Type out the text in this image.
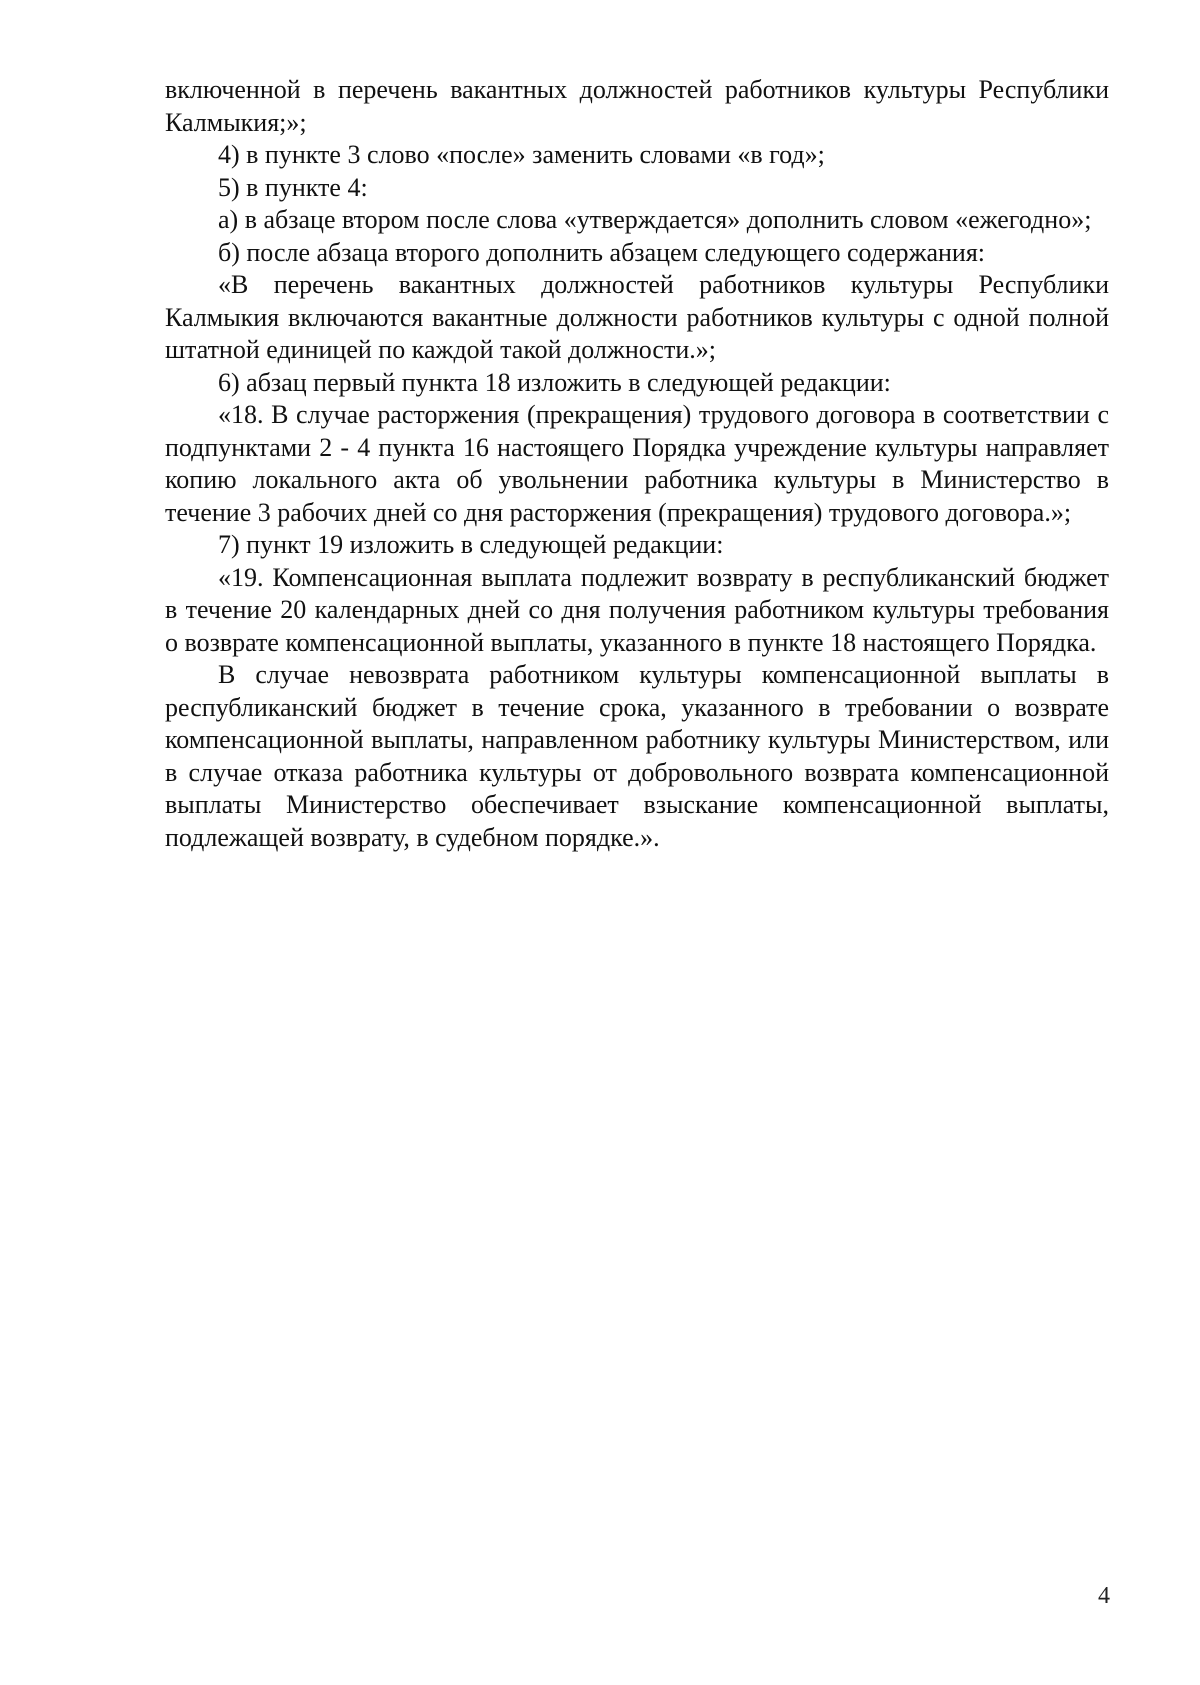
включенной в перечень вакантных должностей работников культуры Республики Калмыкия;»;

4) в пункте 3 слово «после» заменить словами «в год»;

5) в пункте 4:

а) в абзаце втором после слова «утверждается» дополнить словом «ежегодно»;

б) после абзаца второго дополнить абзацем следующего содержания:

«В перечень вакантных должностей работников культуры Республики Калмыкия включаются вакантные должности работников культуры с одной полной штатной единицей по каждой такой должности.»;

6) абзац первый пункта 18 изложить в следующей редакции:

«18. В случае расторжения (прекращения) трудового договора в соответствии с подпунктами 2 - 4 пункта 16 настоящего Порядка учреждение культуры направляет копию локального акта об увольнении работника культуры в Министерство в течение 3 рабочих дней со дня расторжения (прекращения) трудового договора.»;

7) пункт 19 изложить в следующей редакции:

«19. Компенсационная выплата подлежит возврату в республиканский бюджет в течение 20 календарных дней со дня получения работником культуры требования о возврате компенсационной выплаты, указанного в пункте 18 настоящего Порядка.

В случае невозврата работником культуры компенсационной выплаты в республиканский бюджет в течение срока, указанного в требовании о возврате компенсационной выплаты, направленном работнику культуры Министерством, или в случае отказа работника культуры от добровольного возврата компенсационной выплаты Министерство обеспечивает взыскание компенсационной выплаты, подлежащей возврату, в судебном порядке.».

4
